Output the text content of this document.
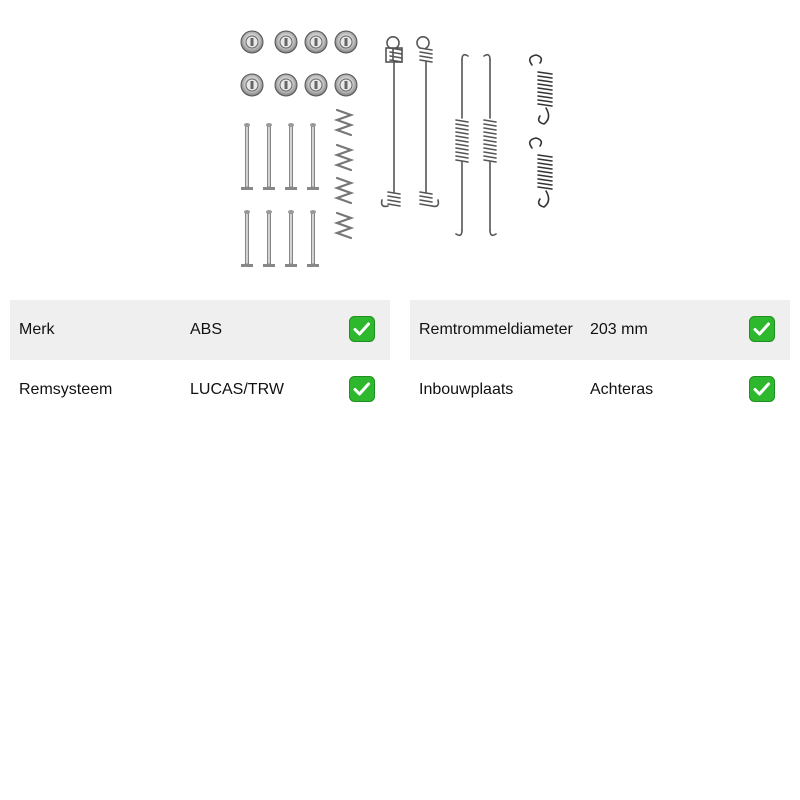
Merk	ABS
Remsysteem	LUCAS/TRW
Remtrommeldiameter 203 mm
Inbouwplaats	Achteras
